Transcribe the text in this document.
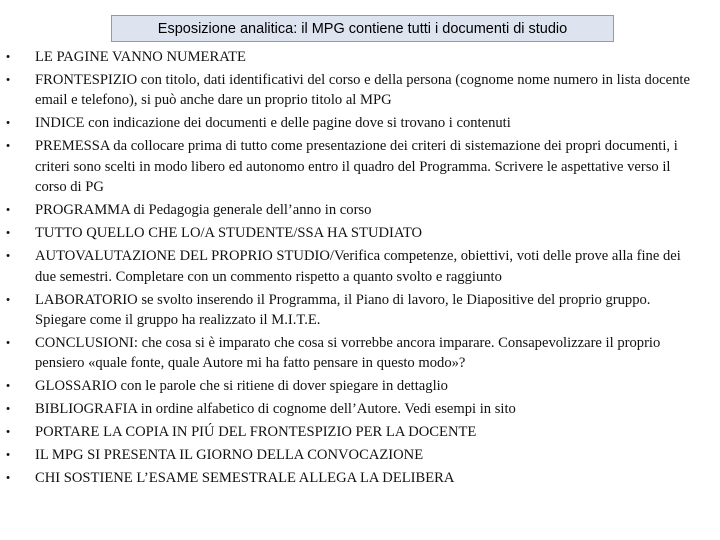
Esposizione analitica: il MPG contiene tutti i documenti di studio
• LE PAGINE VANNO NUMERATE
• FRONTESPIZIO con titolo, dati identificativi del corso e della persona (cognome nome numero in lista docente email e telefono), si può anche dare un proprio titolo al MPG
• INDICE con indicazione dei documenti e delle pagine dove si trovano i contenuti
• PREMESSA da collocare prima di tutto come presentazione dei criteri di sistemazione dei propri documenti, i criteri sono scelti in modo libero ed autonomo entro il quadro del Programma. Scrivere le aspettative verso il corso di PG
• PROGRAMMA di Pedagogia generale dell’anno in corso
• TUTTO QUELLO CHE LO/A STUDENTE/SSA HA STUDIATO
• AUTOVALUTAZIONE DEL PROPRIO STUDIO/Verifica competenze, obiettivi, voti delle prove alla fine dei due semestri. Completare con un commento rispetto a quanto svolto e raggiunto
• LABORATORIO se svolto inserendo il Programma, il Piano di lavoro, le Diapositive del proprio gruppo. Spiegare come il gruppo ha realizzato il M.I.T.E.
• CONCLUSIONI: che cosa si è imparato che cosa si vorrebbe ancora imparare. Consapevolizzare il proprio pensiero «quale fonte, quale Autore mi ha fatto pensare in questo modo»?
• GLOSSARIO con le parole che si ritiene di dover spiegare in dettaglio
• BIBLIOGRAFIA in ordine alfabetico di cognome dell’Autore. Vedi esempi in sito
• PORTARE LA COPIA IN PIÚ DEL FRONTESPIZIO PER LA DOCENTE
• IL MPG SI PRESENTA IL GIORNO DELLA CONVOCAZIONE
• CHI SOSTIENE L’ESAME SEMESTRALE ALLEGA LA DELIBERA
